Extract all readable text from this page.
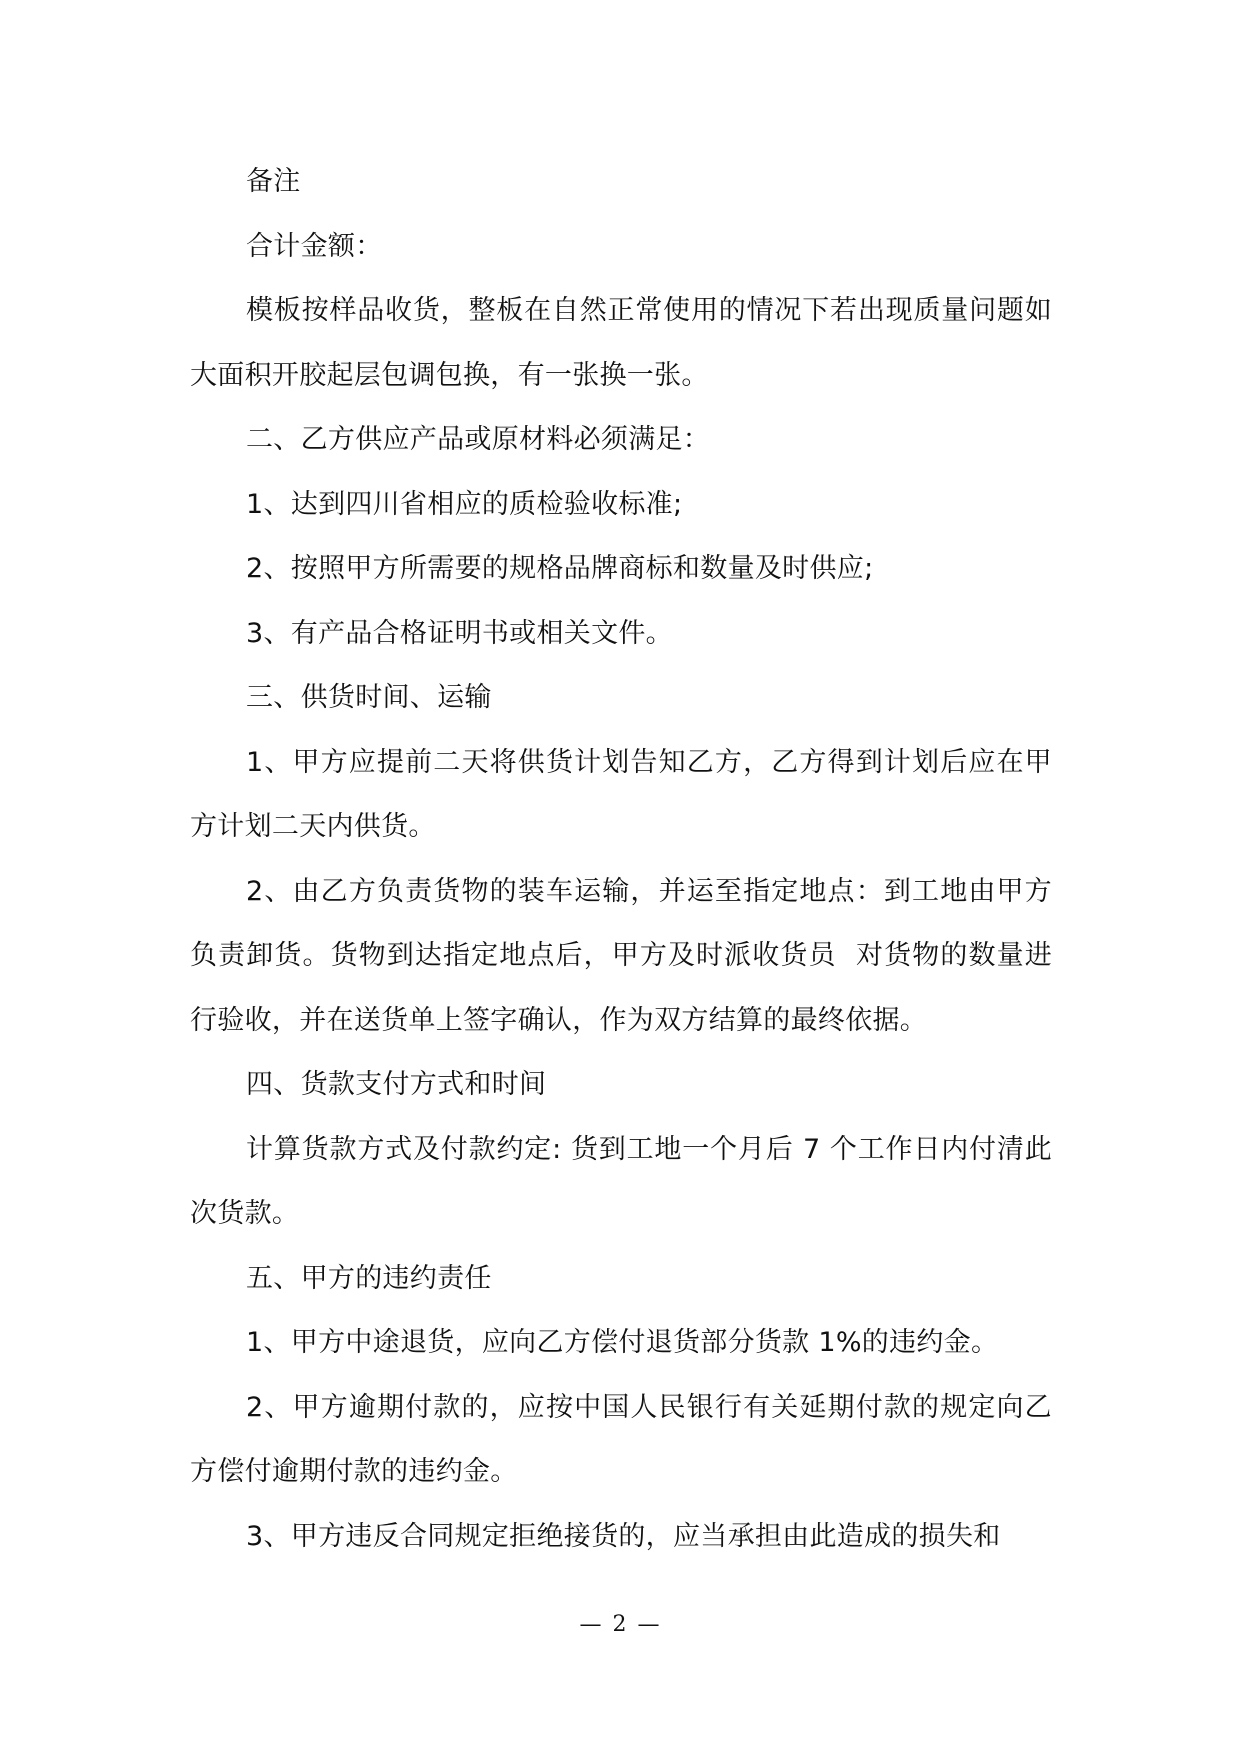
备注

合计金额：

模板按样品收货，整板在自然正常使用的情况下若出现质量问题如大面积开胶起层包调包换，有一张换一张。

二、乙方供应产品或原材料必须满足：

1、达到四川省相应的质检验收标准;

2、按照甲方所需要的规格品牌商标和数量及时供应;

3、有产品合格证明书或相关文件。

三、供货时间、运输

1、甲方应提前二天将供货计划告知乙方，乙方得到计划后应在甲方计划二天内供货。

2、由乙方负责货物的装车运输，并运至指定地点：到工地由甲方负责卸货。货物到达指定地点后，甲方及时派收货员  对货物的数量进行验收，并在送货单上签字确认，作为双方结算的最终依据。

四、货款支付方式和时间

计算货款方式及付款约定: 货到工地一个月后 7 个工作日内付清此次货款。

五、甲方的违约责任

1、甲方中途退货，应向乙方偿付退货部分货款 1%的违约金。

2、甲方逾期付款的，应按中国人民银行有关延期付款的规定向乙方偿付逾期付款的违约金。

3、甲方违反合同规定拒绝接货的，应当承担由此造成的损失和

— 2 —
